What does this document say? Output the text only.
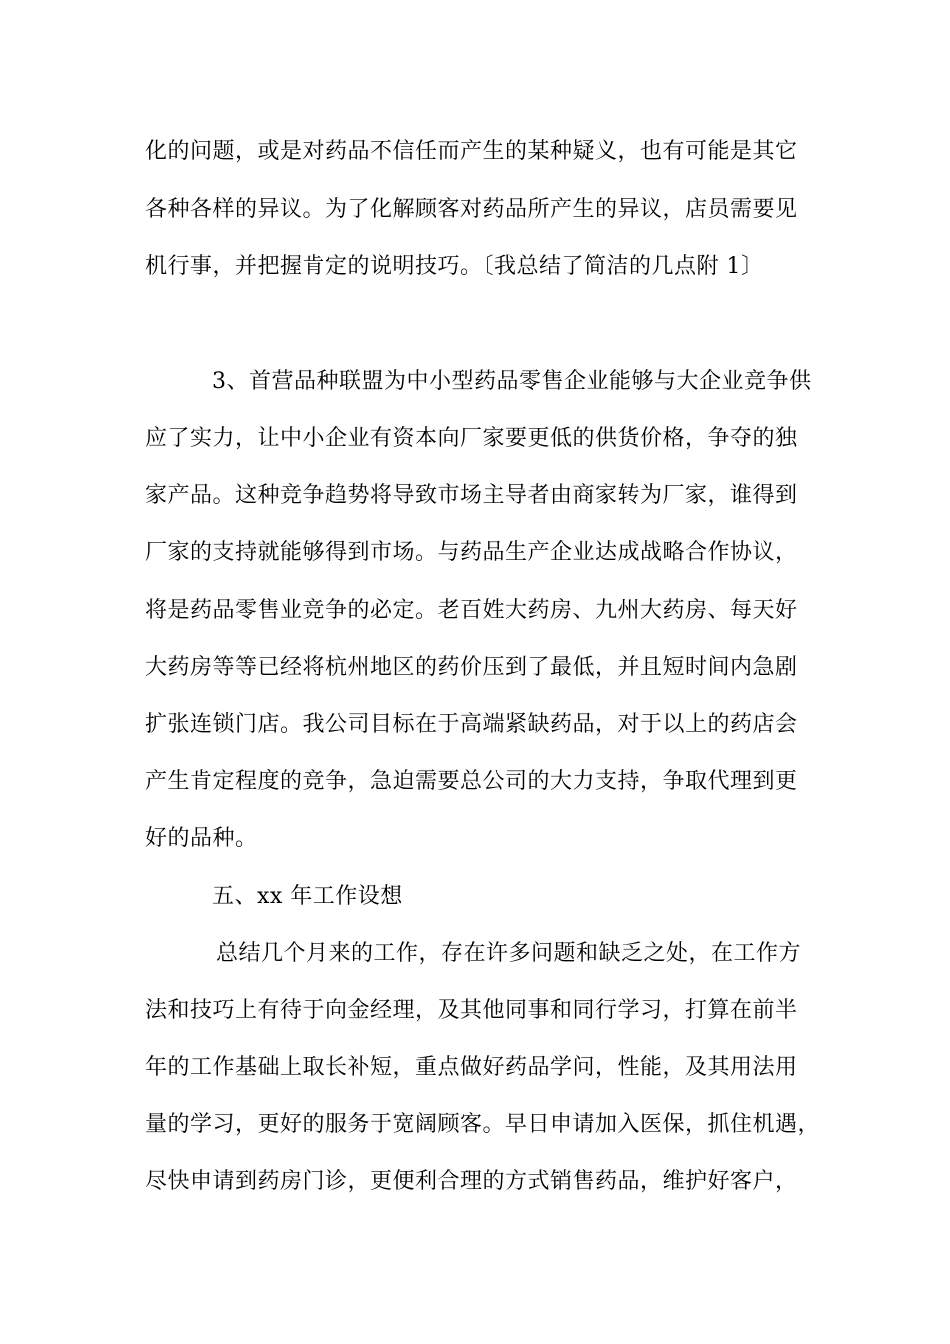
化的问题，或是对药品不信任而产生的某种疑义，也有可能是其它
各种各样的异议。为了化解顾客对药品所产生的异议，店员需要见
机行事，并把握肯定的说明技巧。〔我总结了简洁的几点附 1〕
3、首营品种联盟为中小型药品零售企业能够与大企业竞争供
应了实力，让中小企业有资本向厂家要更低的供货价格，争夺的独
家产品。这种竞争趋势将导致市场主导者由商家转为厂家，谁得到
厂家的支持就能够得到市场。与药品生产企业达成战略合作协议，
将是药品零售业竞争的必定。老百姓大药房、九州大药房、每天好
大药房等等已经将杭州地区的药价压到了最低，并且短时间内急剧
扩张连锁门店。我公司目标在于高端紧缺药品，对于以上的药店会
产生肯定程度的竞争，急迫需要总公司的大力支持，争取代理到更
好的品种。
五、xx 年工作设想
总结几个月来的工作，存在许多问题和缺乏之处，在工作方
法和技巧上有待于向金经理，及其他同事和同行学习，打算在前半
年的工作基础上取长补短，重点做好药品学问，性能，及其用法用
量的学习，更好的服务于宽阔顾客。早日申请加入医保，抓住机遇，
尽快申请到药房门诊，更便利合理的方式销售药品，维护好客户，
